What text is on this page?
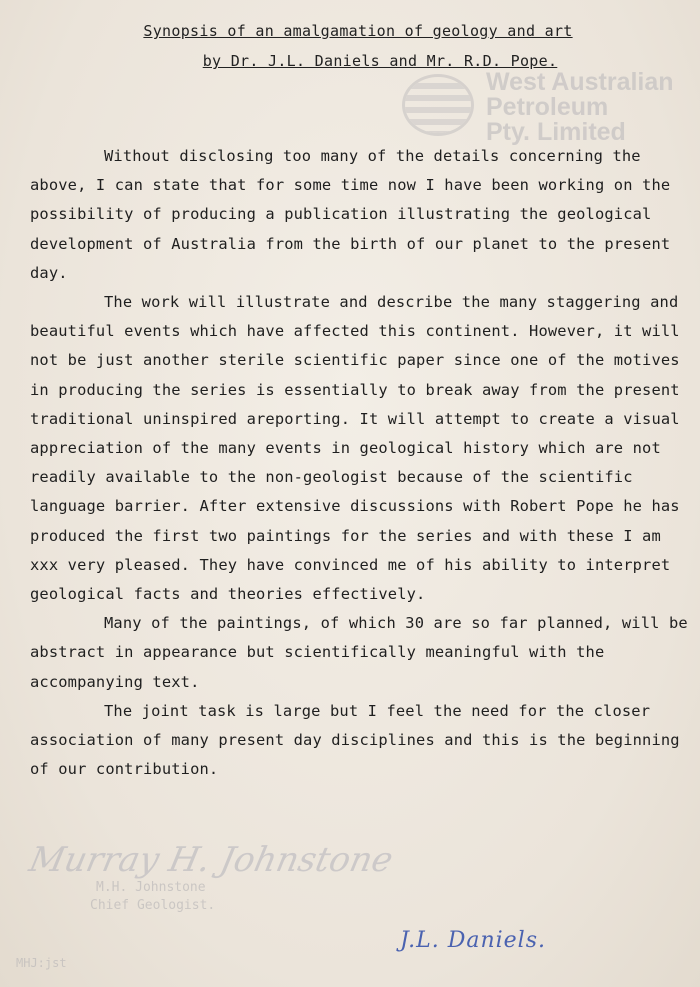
West Australian
Petroleum
Pty. Limited
Synopsis of an amalgamation of geology and art
by Dr. J.L. Daniels and Mr. R.D. Pope.

Without disclosing too many of the details concerning the above, I can state that for some time now I have been working on the possibility of producing a publication illustrating the geological development of Australia from the birth of our planet to the present day.

The work will illustrate and describe the many staggering and beautiful events which have affected this continent. However, it will not be just another sterile scientific paper since one of the motives in producing the series is essentially to break away from the present traditional uninspired areporting. It will attempt to create a visual appreciation of the many events in geological history which are not readily available to the non-geologist because of the scientific language barrier. After extensive discussions with Robert Pope he has produced the first two paintings for the series and with these I am xxx very pleased. They have convinced me of his ability to interpret geological facts and theories effectively.

Many of the paintings, of which 30 are so far planned, will be abstract in appearance but scientifically meaningful with the accompanying text.

The joint task is large but I feel the need for the closer association of many present day disciplines and this is the beginning of our contribution.

Murray H. Johnstone
M.H. Johnstone
Chief Geologist.
MHJ:jst
J.L. Daniels.
